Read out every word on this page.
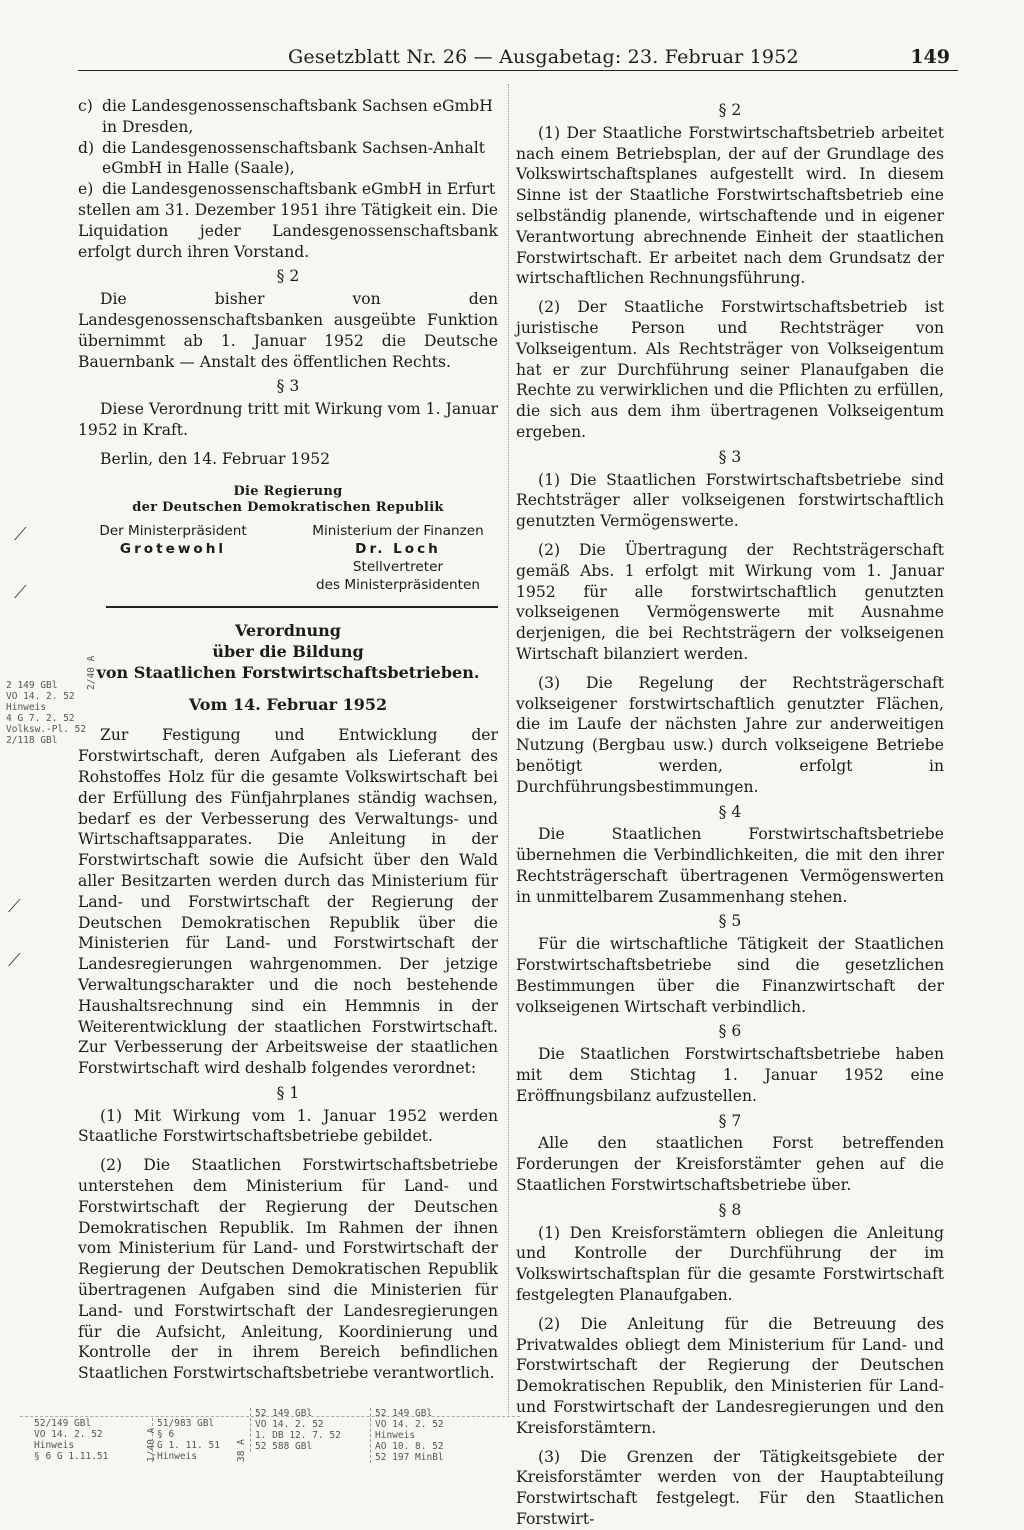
Gesetzblatt Nr. 26 — Ausgabetag: 23. Februar 1952	149
c) die Landesgenossenschaftsbank Sachsen eGmbH in Dresden,
d) die Landesgenossenschaftsbank Sachsen-Anhalt eGmbH in Halle (Saale),
e) die Landesgenossenschaftsbank eGmbH in Erfurt

stellen am 31. Dezember 1951 ihre Tätigkeit ein. Die Liquidation jeder Landesgenossenschaftsbank erfolgt durch ihren Vorstand.

§ 2

Die bisher von den Landesgenossenschaftsbanken ausgeübte Funktion übernimmt ab 1. Januar 1952 die Deutsche Bauernbank — Anstalt des öffentlichen Rechts.

§ 3

Diese Verordnung tritt mit Wirkung vom 1. Januar 1952 in Kraft.

Berlin, den 14. Februar 1952

Die Regierung
der Deutschen Demokratischen Republik
Der Ministerpräsident
Grotewohl
Ministerium der Finanzen
Dr. Loch
Stellvertreter
des Ministerpräsidenten
Verordnung
über die Bildung
von Staatlichen Forstwirtschaftsbetrieben.
Vom 14. Februar 1952

Zur Festigung und Entwicklung der Forstwirtschaft, deren Aufgaben als Lieferant des Rohstoffes Holz für die gesamte Volkswirtschaft bei der Erfüllung des Fünfjahrplanes ständig wachsen, bedarf es der Verbesserung des Verwaltungs- und Wirtschaftsapparates. Die Anleitung in der Forstwirtschaft sowie die Aufsicht über den Wald aller Besitzarten werden durch das Ministerium für Land- und Forstwirtschaft der Regierung der Deutschen Demokratischen Republik über die Ministerien für Land- und Forstwirtschaft der Landesregierungen wahrgenommen. Der jetzige Verwaltungscharakter und die noch bestehende Haushaltsrechnung sind ein Hemmnis in der Weiterentwicklung der staatlichen Forstwirtschaft. Zur Verbesserung der Arbeitsweise der staatlichen Forstwirtschaft wird deshalb folgendes verordnet:

§ 1

(1) Mit Wirkung vom 1. Januar 1952 werden Staatliche Forstwirtschaftsbetriebe gebildet.

(2) Die Staatlichen Forstwirtschaftsbetriebe unterstehen dem Ministerium für Land- und Forstwirtschaft der Regierung der Deutschen Demokratischen Republik. Im Rahmen der ihnen vom Ministerium für Land- und Forstwirtschaft der Regierung der Deutschen Demokratischen Republik übertragenen Aufgaben sind die Ministerien für Land- und Forstwirtschaft der Landesregierungen für die Aufsicht, Anleitung, Koordinierung und Kontrolle der in ihrem Bereich befindlichen Staatlichen Forstwirtschaftsbetriebe verantwortlich.

§ 2

(1) Der Staatliche Forstwirtschaftsbetrieb arbeitet nach einem Betriebsplan, der auf der Grundlage des Volkswirtschaftsplanes aufgestellt wird. In diesem Sinne ist der Staatliche Forstwirtschaftsbetrieb eine selbständig planende, wirtschaftende und in eigener Verantwortung abrechnende Einheit der staatlichen Forstwirtschaft. Er arbeitet nach dem Grundsatz der wirtschaftlichen Rechnungsführung.

(2) Der Staatliche Forstwirtschaftsbetrieb ist juristische Person und Rechtsträger von Volkseigentum. Als Rechtsträger von Volkseigentum hat er zur Durchführung seiner Planaufgaben die Rechte zu verwirklichen und die Pflichten zu erfüllen, die sich aus dem ihm übertragenen Volkseigentum ergeben.

§ 3

(1) Die Staatlichen Forstwirtschaftsbetriebe sind Rechtsträger aller volkseigenen forstwirtschaftlich genutzten Vermögenswerte.

(2) Die Übertragung der Rechtsträgerschaft gemäß Abs. 1 erfolgt mit Wirkung vom 1. Januar 1952 für alle forstwirtschaftlich genutzten volkseigenen Vermögenswerte mit Ausnahme derjenigen, die bei Rechtsträgern der volkseigenen Wirtschaft bilanziert werden.

(3) Die Regelung der Rechtsträgerschaft volkseigener forstwirtschaftlich genutzter Flächen, die im Laufe der nächsten Jahre zur anderweitigen Nutzung (Bergbau usw.) durch volkseigene Betriebe benötigt werden, erfolgt in Durchführungsbestimmungen.

§ 4

Die Staatlichen Forstwirtschaftsbetriebe übernehmen die Verbindlichkeiten, die mit den ihrer Rechtsträgerschaft übertragenen Vermögenswerten in unmittelbarem Zusammenhang stehen.

§ 5

Für die wirtschaftliche Tätigkeit der Staatlichen Forstwirtschaftsbetriebe sind die gesetzlichen Bestimmungen über die Finanzwirtschaft der volkseigenen Wirtschaft verbindlich.

§ 6

Die Staatlichen Forstwirtschaftsbetriebe haben mit dem Stichtag 1. Januar 1952 eine Eröffnungsbilanz aufzustellen.

§ 7

Alle den staatlichen Forst betreffenden Forderungen der Kreisforstämter gehen auf die Staatlichen Forstwirtschaftsbetriebe über.

§ 8

(1) Den Kreisforstämtern obliegen die Anleitung und Kontrolle der Durchführung der im Volkswirtschaftsplan für die gesamte Forstwirtschaft festgelegten Planaufgaben.

(2) Die Anleitung für die Betreuung des Privatwaldes obliegt dem Ministerium für Land- und Forstwirtschaft der Regierung der Deutschen Demokratischen Republik, den Ministerien für Land- und Forstwirtschaft der Landesregierungen und den Kreisforstämtern.

(3) Die Grenzen der Tätigkeitsgebiete der Kreisforstämter werden von der Hauptabteilung Forstwirtschaft festgelegt. Für den Staatlichen Forstwirt-

2 149 GBl
VO 14. 2. 52
Hinweis
4 G 7. 2. 52
Volksw.-Pl. 52
2/118 GBl
2/40 A
⟋
⟋
⟋
⟋
52/149 GBl
VO 14. 2. 52
Hinweis
§ 6 G 1.11.51	1/40 A
51/983 GBl
§ 6
G 1. 11. 51
Hinweis	38 A
52 149 GBl
VO 14. 2. 52
1. DB 12. 7. 52
52 588 GBl
52 149 GBl
VO 14. 2. 52
Hinweis
AO 10. 8. 52
52 197 MinBl
